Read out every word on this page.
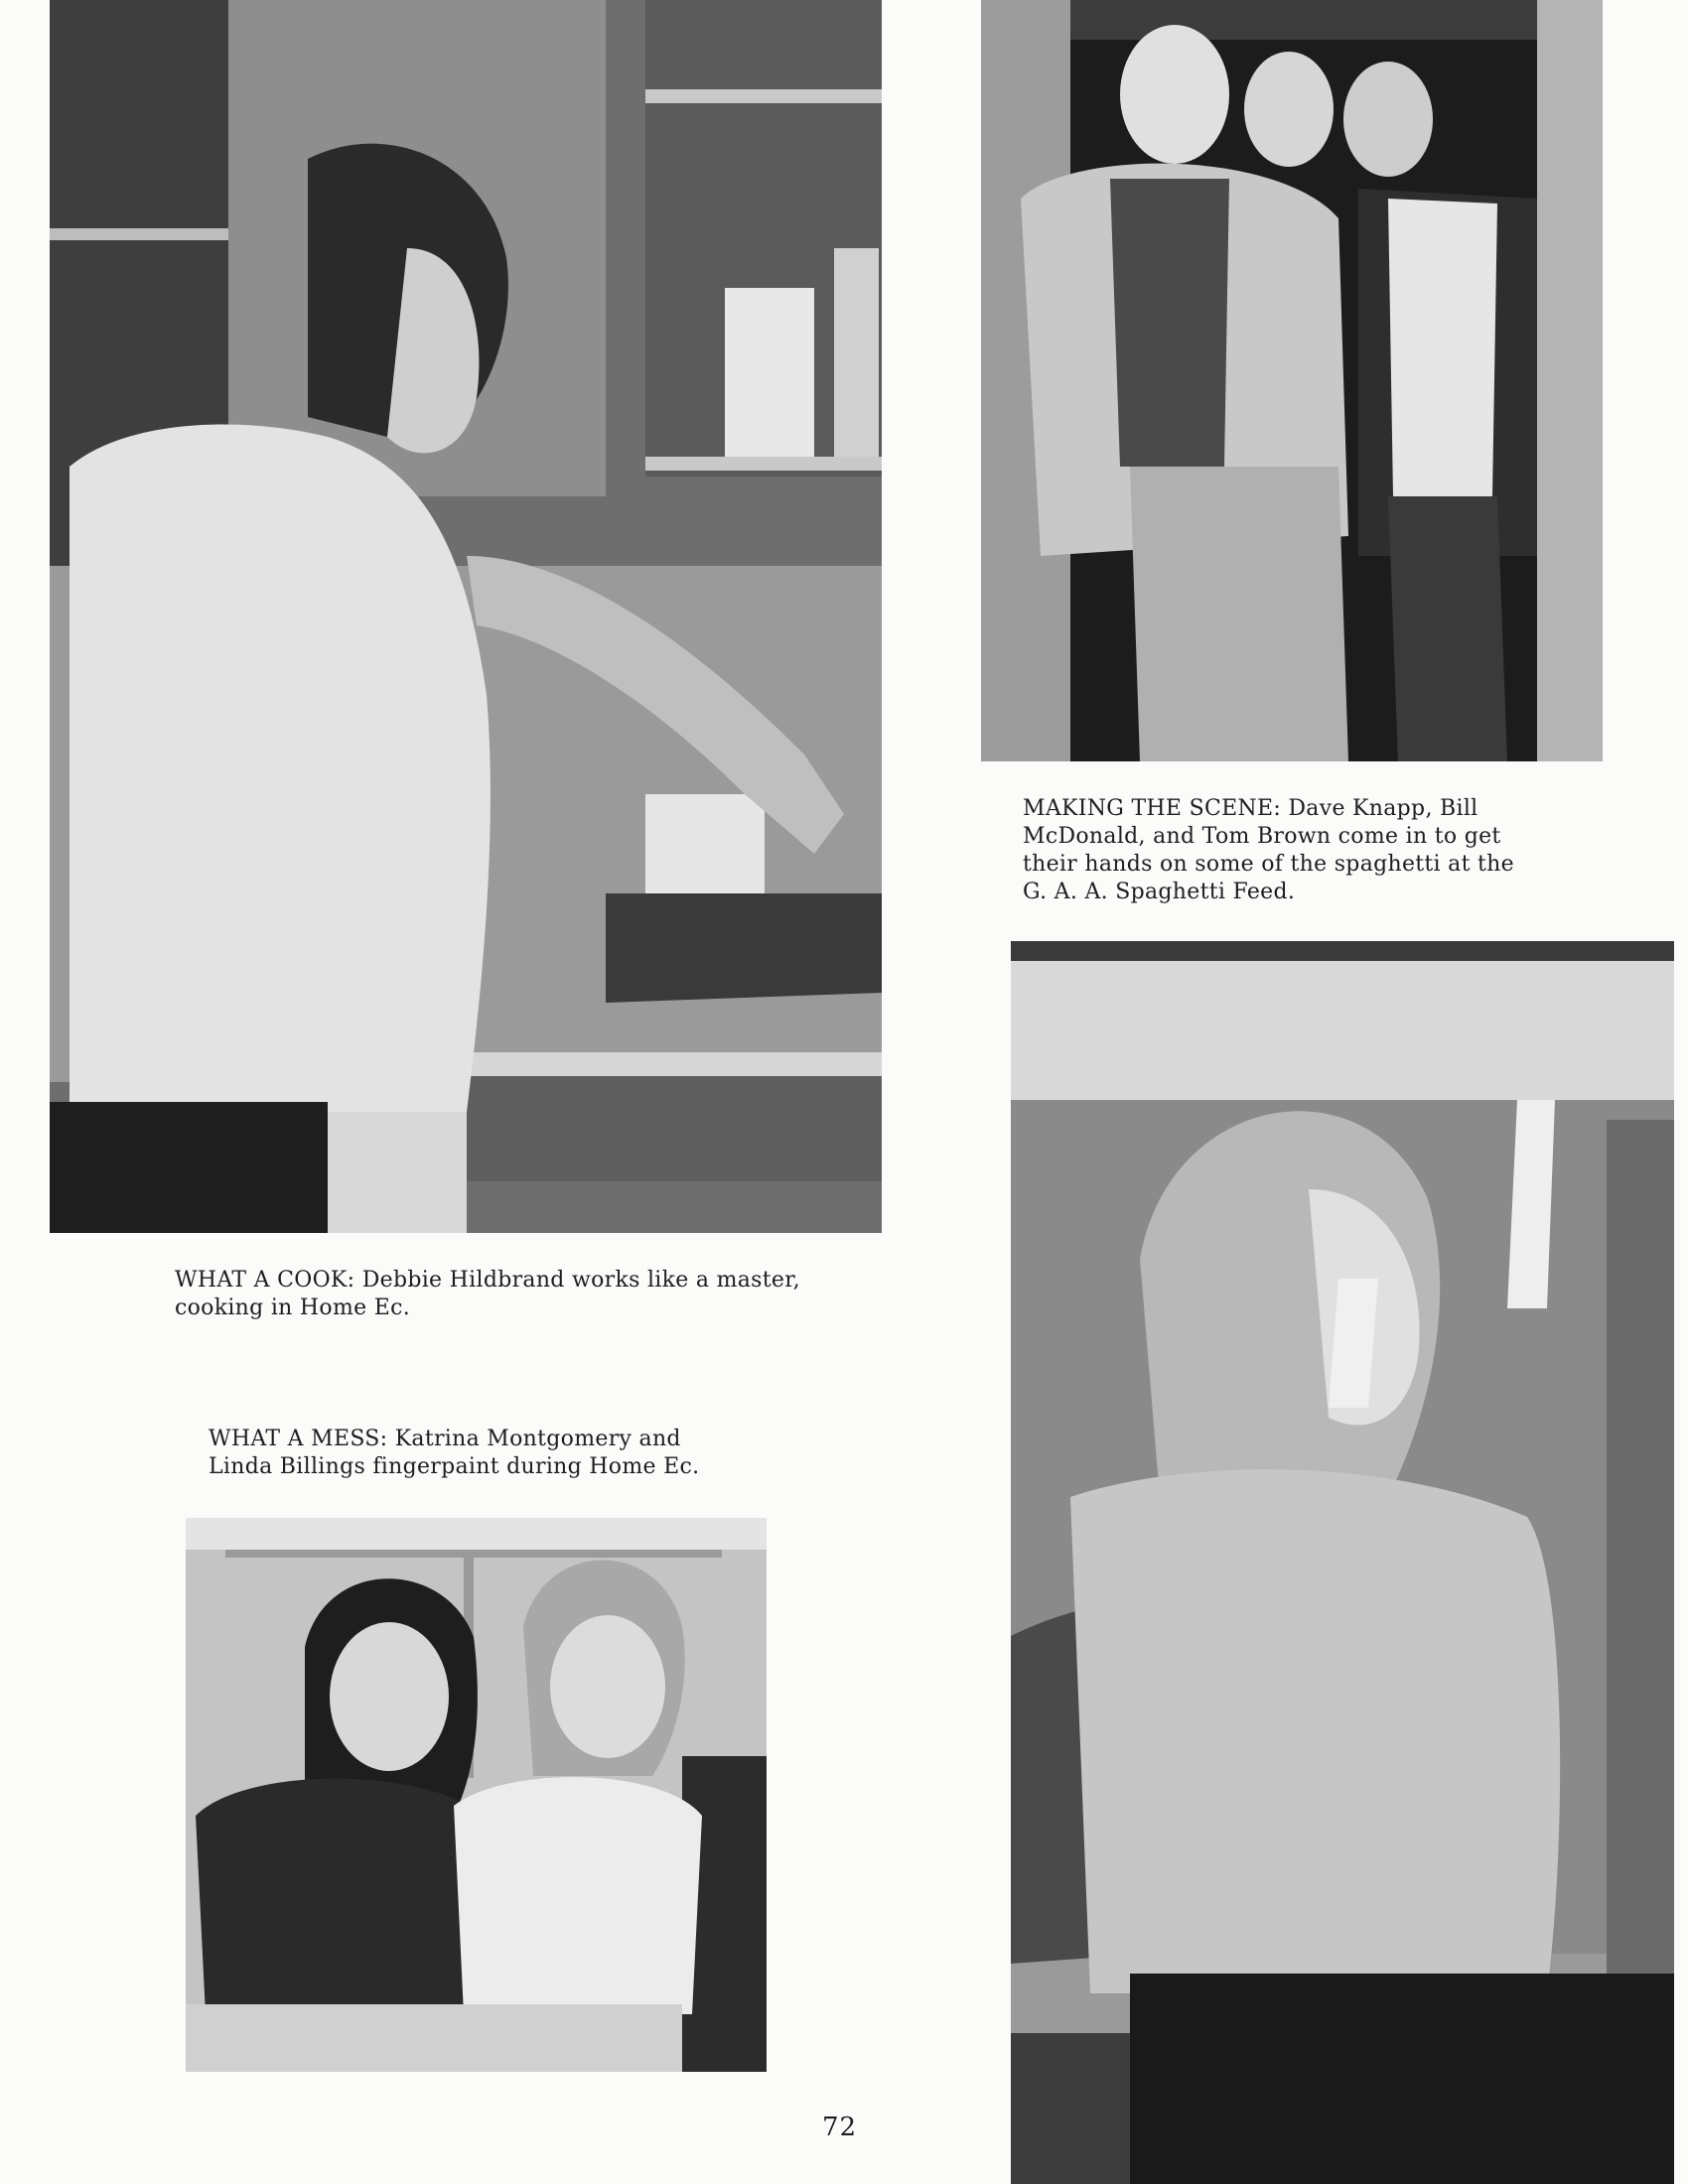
WHAT A COOK: Debbie Hildbrand works like a master,
cooking in Home Ec.
MAKING THE SCENE: Dave Knapp, Bill
McDonald, and Tom Brown come in to get
their hands on some of the spaghetti at the
G. A. A. Spaghetti Feed.
WHAT A MESS: Katrina Montgomery and
Linda Billings fingerpaint during Home Ec.
72
